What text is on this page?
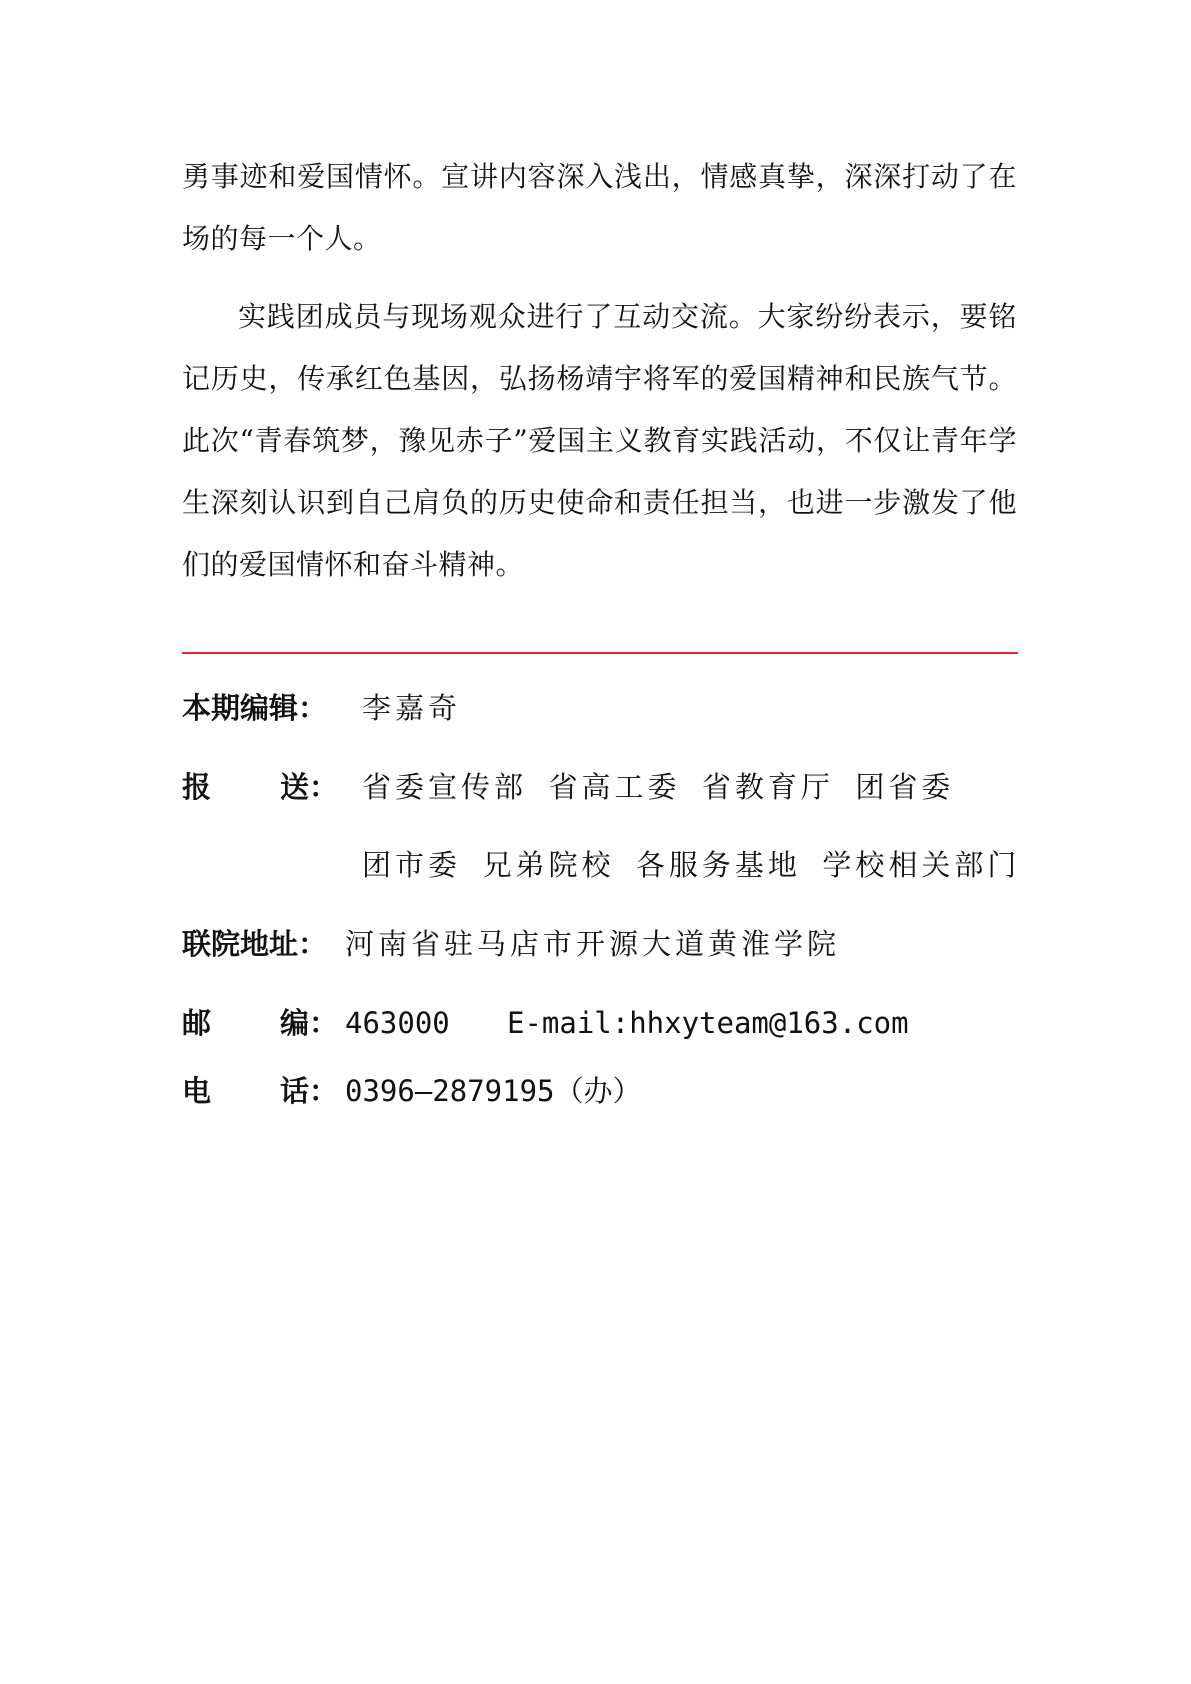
勇事迹和爱国情怀。宣讲内容深入浅出，情感真挚，深深打动了在场的每一个人。

实践团成员与现场观众进行了互动交流。大家纷纷表示，要铭记历史，传承红色基因，弘扬杨靖宇将军的爱国精神和民族气节。此次“青春筑梦，豫见赤子”爱国主义教育实践活动，不仅让青年学生深刻认识到自己肩负的历史使命和责任担当，也进一步激发了他们的爱国情怀和奋斗精神。

本期编辑： 李嘉奇
报 送： 省委宣传部 省高工委 省教育厅 团省委
团市委 兄弟院校 各服务基地 学校相关部门
联院地址： 河南省驻马店市开源大道黄淮学院
邮 编： 463000 E-mail:hhxyteam@163.com
电 话： 0396—2879195（办）
